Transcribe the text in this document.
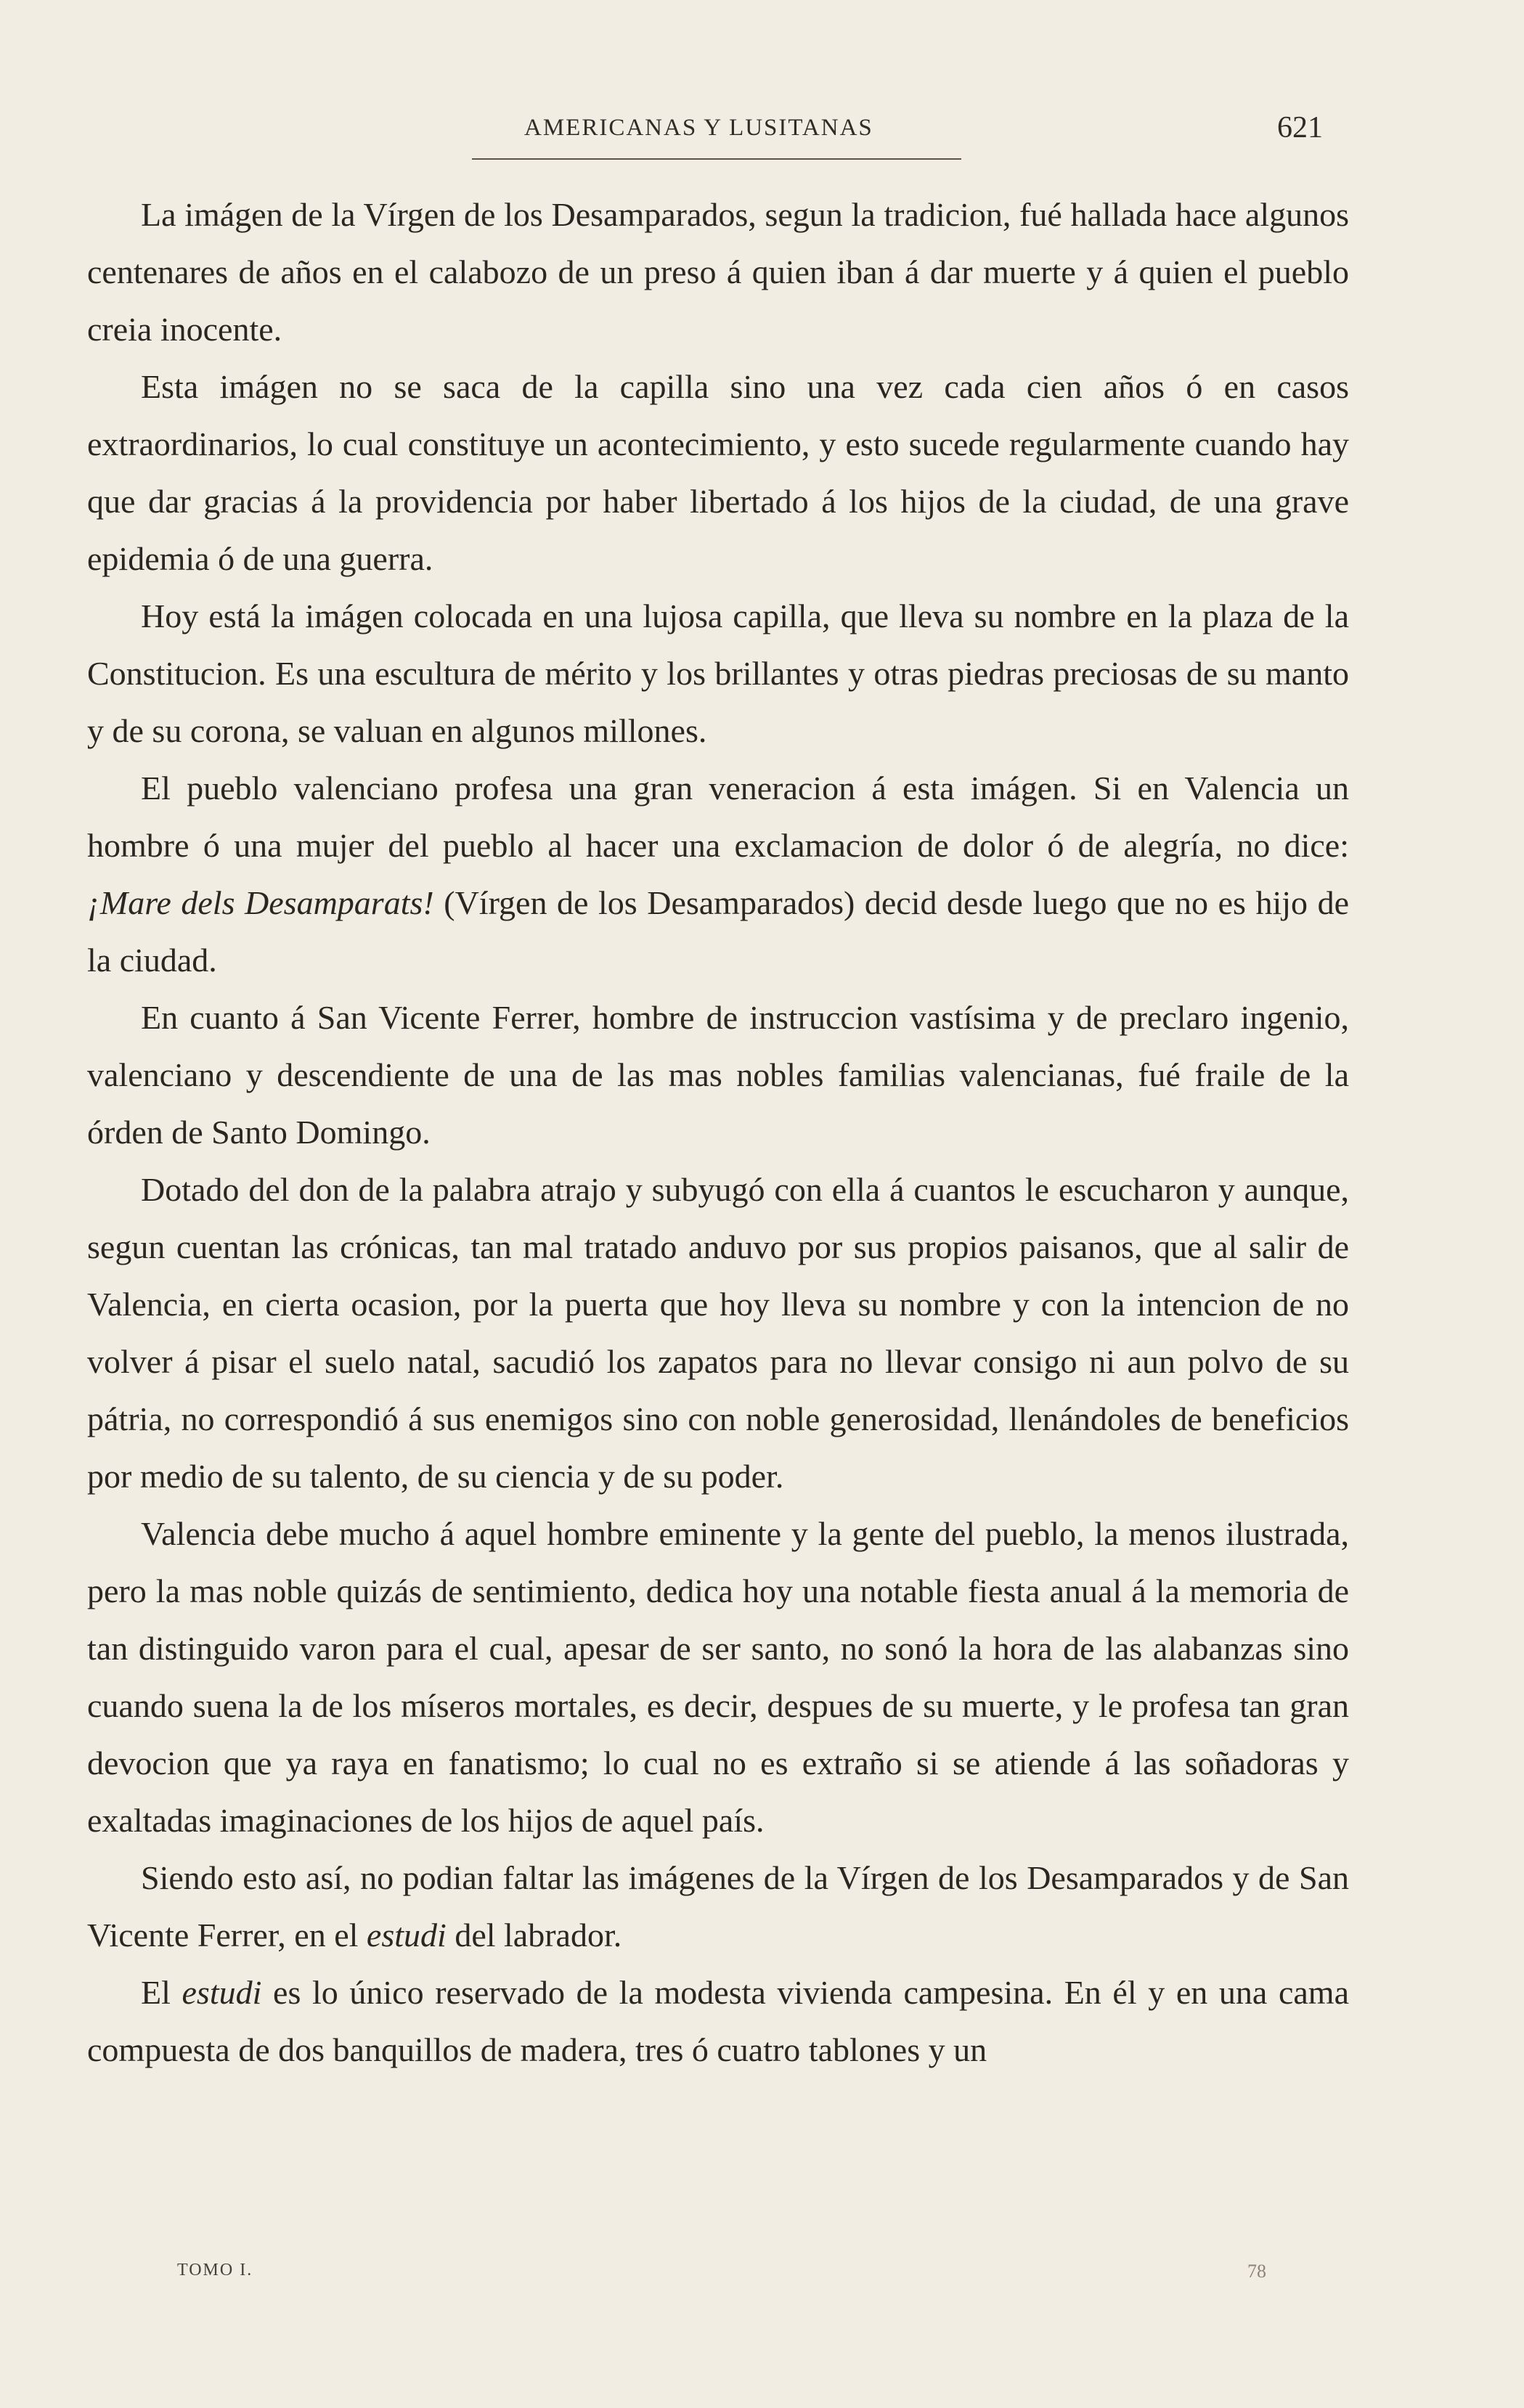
AMERICANAS Y LUSITANAS	621

La imágen de la Vírgen de los Desamparados, segun la tradicion, fué hallada hace algunos centenares de años en el calabozo de un preso á quien iban á dar muerte y á quien el pueblo creia inocente.

Esta imágen no se saca de la capilla sino una vez cada cien años ó en casos extraordinarios, lo cual constituye un acontecimiento, y esto sucede regularmente cuando hay que dar gracias á la providencia por haber libertado á los hijos de la ciudad, de una grave epidemia ó de una guerra.

Hoy está la imágen colocada en una lujosa capilla, que lleva su nombre en la plaza de la Constitucion. Es una escultura de mérito y los brillantes y otras piedras preciosas de su manto y de su corona, se valuan en algunos millones.

El pueblo valenciano profesa una gran veneracion á esta imágen. Si en Valencia un hombre ó una mujer del pueblo al hacer una exclamacion de dolor ó de alegría, no dice: ¡Mare dels Desamparats! (Vírgen de los Desamparados) decid desde luego que no es hijo de la ciudad.

En cuanto á San Vicente Ferrer, hombre de instruccion vastísima y de preclaro ingenio, valenciano y descendiente de una de las mas nobles familias valencianas, fué fraile de la órden de Santo Domingo.

Dotado del don de la palabra atrajo y subyugó con ella á cuantos le escucharon y aunque, segun cuentan las crónicas, tan mal tratado anduvo por sus propios paisanos, que al salir de Valencia, en cierta ocasion, por la puerta que hoy lleva su nombre y con la intencion de no volver á pisar el suelo natal, sacudió los zapatos para no llevar consigo ni aun polvo de su pátria, no correspondió á sus enemigos sino con noble generosidad, llenándoles de beneficios por medio de su talento, de su ciencia y de su poder.

Valencia debe mucho á aquel hombre eminente y la gente del pueblo, la menos ilustrada, pero la mas noble quizás de sentimiento, dedica hoy una notable fiesta anual á la memoria de tan distinguido varon para el cual, apesar de ser santo, no sonó la hora de las alabanzas sino cuando suena la de los míseros mortales, es decir, despues de su muerte, y le profesa tan gran devocion que ya raya en fanatismo; lo cual no es extraño si se atiende á las soñadoras y exaltadas imaginaciones de los hijos de aquel país.

Siendo esto así, no podian faltar las imágenes de la Vírgen de los Desamparados y de San Vicente Ferrer, en el estudi del labrador.

El estudi es lo único reservado de la modesta vivienda campesina. En él y en una cama compuesta de dos banquillos de madera, tres ó cuatro tablones y un

TOMO I.	78
